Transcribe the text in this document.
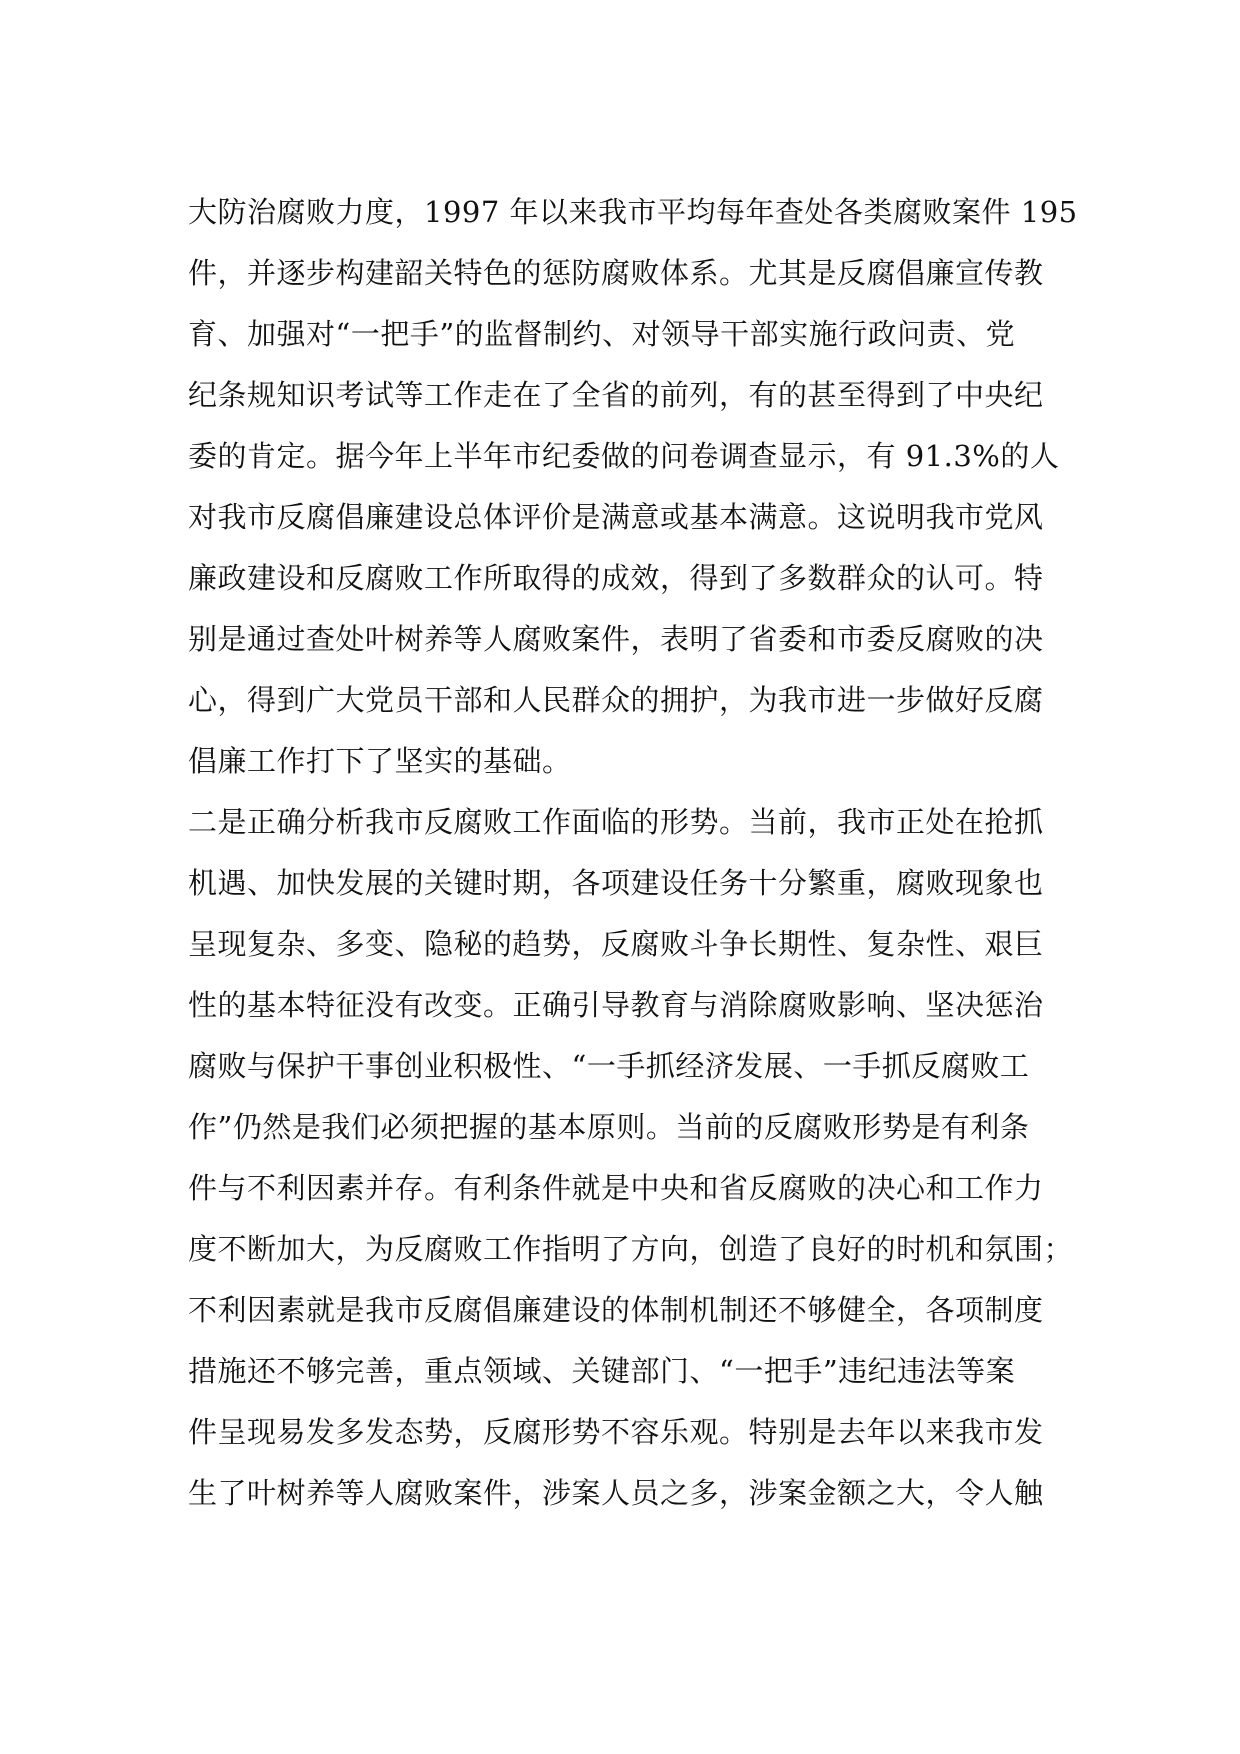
大防治腐败力度，1997 年以来我市平均每年查处各类腐败案件 195
件，并逐步构建韶关特色的惩防腐败体系。尤其是反腐倡廉宣传教
育、加强对“一把手”的监督制约、对领导干部实施行政问责、党
纪条规知识考试等工作走在了全省的前列，有的甚至得到了中央纪
委的肯定。据今年上半年市纪委做的问卷调查显示，有 91.3%的人
对我市反腐倡廉建设总体评价是满意或基本满意。这说明我市党风
廉政建设和反腐败工作所取得的成效，得到了多数群众的认可。特
别是通过查处叶树养等人腐败案件，表明了省委和市委反腐败的决
心，得到广大党员干部和人民群众的拥护，为我市进一步做好反腐
倡廉工作打下了坚实的基础。
二是正确分析我市反腐败工作面临的形势。当前，我市正处在抢抓
机遇、加快发展的关键时期，各项建设任务十分繁重，腐败现象也
呈现复杂、多变、隐秘的趋势，反腐败斗争长期性、复杂性、艰巨
性的基本特征没有改变。正确引导教育与消除腐败影响、坚决惩治
腐败与保护干事创业积极性、“一手抓经济发展、一手抓反腐败工
作”仍然是我们必须把握的基本原则。当前的反腐败形势是有利条
件与不利因素并存。有利条件就是中央和省反腐败的决心和工作力
度不断加大，为反腐败工作指明了方向，创造了良好的时机和氛围；
不利因素就是我市反腐倡廉建设的体制机制还不够健全，各项制度
措施还不够完善，重点领域、关键部门、“一把手”违纪违法等案
件呈现易发多发态势，反腐形势不容乐观。特别是去年以来我市发
生了叶树养等人腐败案件，涉案人员之多，涉案金额之大，令人触
